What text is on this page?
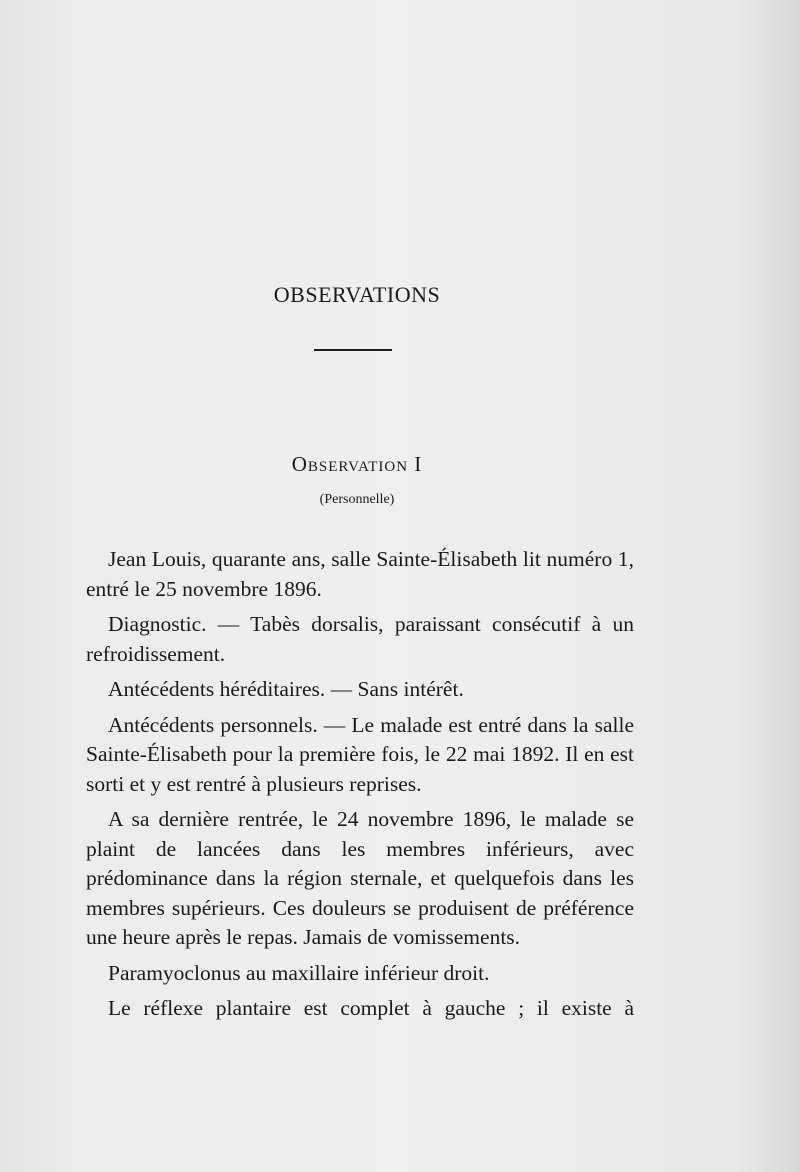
OBSERVATIONS
Observation I
(Personnelle)

Jean Louis, quarante ans, salle Sainte-Élisabeth lit numéro 1, entré le 25 novembre 1896.

Diagnostic. — Tabès dorsalis, paraissant consécutif à un refroidissement.

Antécédents héréditaires. — Sans intérêt.

Antécédents personnels. — Le malade est entré dans la salle Sainte-Élisabeth pour la première fois, le 22 mai 1892. Il en est sorti et y est rentré à plusieurs reprises.

A sa dernière rentrée, le 24 novembre 1896, le malade se plaint de lancées dans les membres inférieurs, avec prédominance dans la région sternale, et quelquefois dans les membres supérieurs. Ces douleurs se produisent de préférence une heure après le repas. Jamais de vomissements.

Paramyoclonus au maxillaire inférieur droit.

Le réflexe plantaire est complet à gauche ; il existe à
